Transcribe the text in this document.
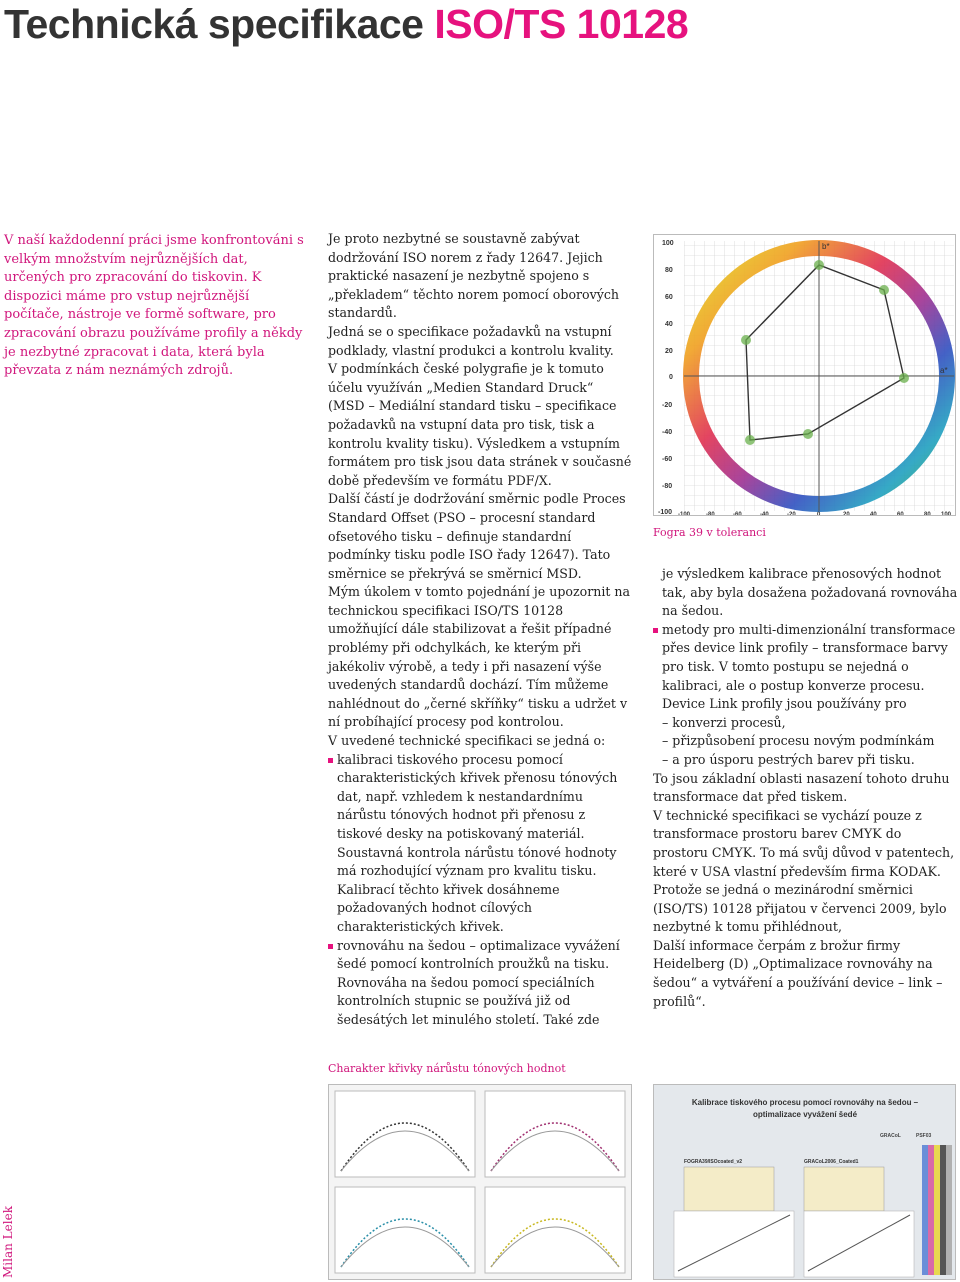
Technická specifikace ISO/TS 10128

V naší každodenní práci jsme konfrontováni s velkým množstvím nejrůznějších dat, určených pro zpracování do tiskovin. K dispozici máme pro vstup nejrůznější počítače, nástroje ve formě software, pro zpracování obrazu používáme profily a někdy je nezbytné zpracovat i data, která byla převzata z nám neznámých zdrojů.

Je proto nezbytné se soustavně zabývat dodržování ISO norem z řady 12647. Jejich praktické nasazení je nezbytně spojeno s „překladem“ těchto norem pomocí oborových standardů.

Jedná se o specifikace požadavků na vstupní podklady, vlastní produkci a kontrolu kvality.

V podmínkách české polygrafie je k tomuto účelu využíván „Medien Standard Druck“ (MSD – Mediální standard tisku – specifikace požadavků na vstupní data pro tisk, tisk a kontrolu kvality tisku). Výsledkem a vstupním formátem pro tisk jsou data stránek v současné době především ve formátu PDF/X.

Další částí je dodržování směrnic podle Proces Standard Offset (PSO – procesní standard ofsetového tisku – definuje standardní podmínky tisku podle ISO řady 12647). Tato směrnice se překrývá se směrnicí MSD.

Mým úkolem v tomto pojednání je upozornit na technickou specifikaci ISO/TS 10128 umožňující dále stabilizovat a řešit případné problémy při odchylkách, ke kterým při jakékoliv výrobě, a tedy i při nasazení výše uvedených standardů dochází. Tím můžeme nahlédnout do „černé skříňky“ tisku a udržet v ní probíhající procesy pod kontrolou.

V uvedené technické specifikaci se jedná o:

kalibraci tiskového procesu pomocí charakteristických křivek přenosu tónových dat, např. vzhledem k nestandardnímu nárůstu tónových hodnot při přenosu z tiskové desky na potiskovaný materiál. Soustavná kontrola nárůstu tónové hodnoty má rozhodující význam pro kvalitu tisku. Kalibrací těchto křivek dosáhneme požadovaných hodnot cílových charakteristických křivek.

rovnováhu na šedou – optimalizace vyvážení šedé pomocí kontrolních proužků na tisku. Rovnováha na šedou pomocí speciálních kontrolních stupnic se používá již od šedesátých let minulého století. Také zde

je výsledkem kalibrace přenosových hodnot tak, aby byla dosažena požadovaná rovnováha na šedou.

metody pro multi-dimenzionální transformace přes device link profily – transformace barvy pro tisk. V tomto postupu se nejedná o kalibraci, ale o postup konverze procesu.

Device Link profily jsou používány pro

– konverzi procesů,

– přizpůsobení procesu novým podmínkám

– a pro úsporu pestrých barev při tisku.

To jsou základní oblasti nasazení tohoto druhu transformace dat před tiskem.

V technické specifikaci se vychází pouze z transformace prostoru barev CMYK do prostoru CMYK. To má svůj důvod v patentech, které v USA vlastní především firma KODAK. Protože se jedná o mezinárodní směrnici (ISO/TS) 10128 přijatou v červenci 2009, bylo nezbytné k tomu přihlédnout,

Další informace čerpám z brožur firmy Heidelberg (D) „Optimalizace rovnováhy na šedou“ a vytváření a používání device – link – profilů“.

100
80
60
40
20
0
-20
-40
-60
-80
-100 -100	-80	-60	-40	-20	0	20	40	60	80 100
a*
b*
Fogra 39 v toleranci
Charakter křivky nárůstu tónových hodnot
Kalibrace tiskového procesu pomocí rovnováhy na šedou –
optimalizace vyvážení šedé
GRACoL	PSF03
FOGRA39/ISOcoated_v2	GRACoL2006_Coated1
Milan Lelek
